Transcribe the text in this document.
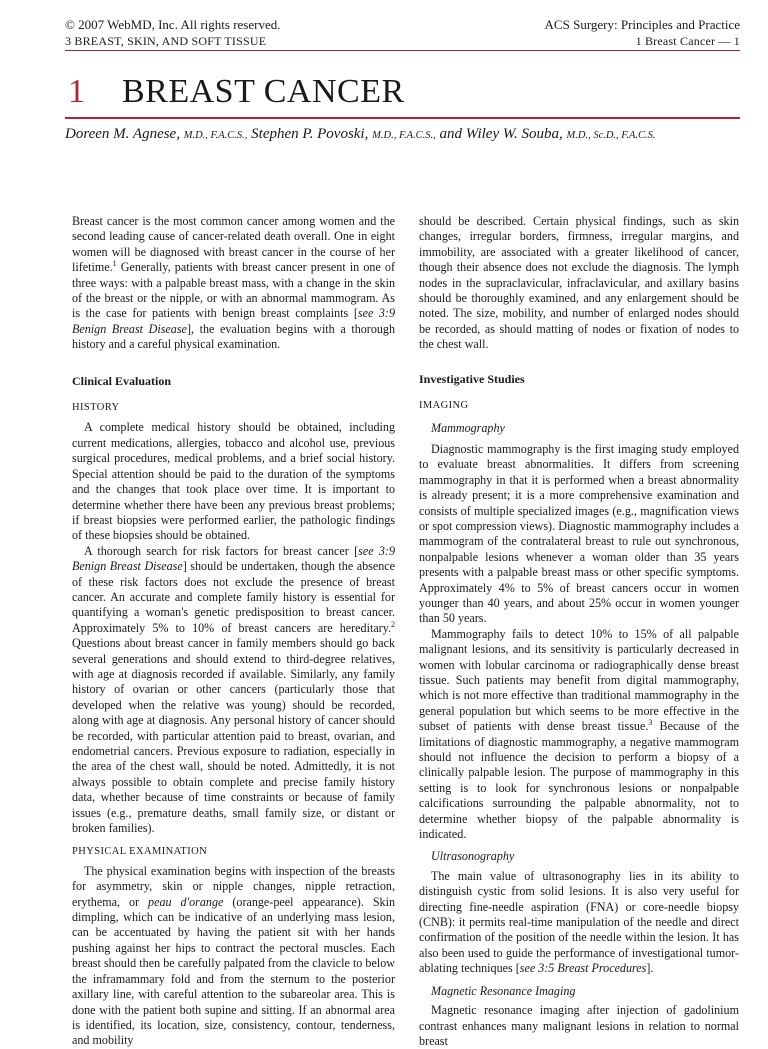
© 2007 WebMD, Inc. All rights reserved.
3 BREAST, SKIN, AND SOFT TISSUE
ACS Surgery: Principles and Practice
1 Breast Cancer — 1
1 BREAST CANCER
Doreen M. Agnese, M.D., F.A.C.S., Stephen P. Povoski, M.D., F.A.C.S., and Wiley W. Souba, M.D., Sc.D., F.A.C.S.

Breast cancer is the most common cancer among women and the second leading cause of cancer-related death overall. One in eight women will be diagnosed with breast cancer in the course of her lifetime.$^1$ Generally, patients with breast cancer present in one of three ways: with a palpable breast mass, with a change in the skin of the breast or the nipple, or with an abnormal mammogram. As is the case for patients with benign breast complaints [see 3:9 Benign Breast Disease], the evaluation begins with a thorough history and a careful physical examination.

Clinical Evaluation

HISTORY

A complete medical history should be obtained, including current medications, allergies, tobacco and alcohol use, previous surgical procedures, medical problems, and a brief social history. Special attention should be paid to the duration of the symptoms and the changes that took place over time. It is important to determine whether there have been any previous breast problems; if breast biopsies were performed earlier, the pathologic findings of these biopsies should be obtained.

A thorough search for risk factors for breast cancer [see 3:9 Benign Breast Disease] should be undertaken, though the absence of these risk factors does not exclude the presence of breast cancer. An accurate and complete family history is essential for quantifying a woman's genetic predisposition to breast cancer. Approximately 5% to 10% of breast cancers are hereditary.$^2$ Questions about breast cancer in family members should go back several generations and should extend to third-degree relatives, with age at diagnosis recorded if available. Similarly, any family history of ovarian or other cancers (particularly those that developed when the relative was young) should be recorded, along with age at diagnosis. Any personal history of cancer should be recorded, with particular attention paid to breast, ovarian, and endometrial cancers. Previous exposure to radiation, especially in the area of the chest wall, should be noted. Admittedly, it is not always possible to obtain complete and precise family history data, whether because of time constraints or because of family issues (e.g., premature deaths, small family size, or distant or broken families).

PHYSICAL EXAMINATION

The physical examination begins with inspection of the breasts for asymmetry, skin or nipple changes, nipple retraction, erythema, or peau d'orange (orange-peel appearance). Skin dimpling, which can be indicative of an underlying mass lesion, can be accentuated by having the patient sit with her hands pushing against her hips to contract the pectoral muscles. Each breast should then be carefully palpated from the clavicle to below the inframammary fold and from the sternum to the posterior axillary line, with careful attention to the subareolar area. This is done with the patient both supine and sitting. If an abnormal area is identified, its location, size, consistency, contour, tenderness, and mobility

should be described. Certain physical findings, such as skin changes, irregular borders, firmness, irregular margins, and immobility, are associated with a greater likelihood of cancer, though their absence does not exclude the diagnosis. The lymph nodes in the supraclavicular, infraclavicular, and axillary basins should be thoroughly examined, and any enlargement should be noted. The size, mobility, and number of enlarged nodes should be recorded, as should matting of nodes or fixation of nodes to the chest wall.

Investigative Studies

IMAGING

Mammography

Diagnostic mammography is the first imaging study employed to evaluate breast abnormalities. It differs from screening mammography in that it is performed when a breast abnormality is already present; it is a more comprehensive examination and consists of multiple specialized images (e.g., magnification views or spot compression views). Diagnostic mammography includes a mammogram of the contralateral breast to rule out synchronous, nonpalpable lesions whenever a woman older than 35 years presents with a palpable breast mass or other specific symptoms. Approximately 4% to 5% of breast cancers occur in women younger than 40 years, and about 25% occur in women younger than 50 years.

Mammography fails to detect 10% to 15% of all palpable malignant lesions, and its sensitivity is particularly decreased in women with lobular carcinoma or radiographically dense breast tissue. Such patients may benefit from digital mammography, which is not more effective than traditional mammography in the general population but which seems to be more effective in the subset of patients with dense breast tissue.$^3$ Because of the limitations of diagnostic mammography, a negative mammogram should not influence the decision to perform a biopsy of a clinically palpable lesion. The purpose of mammography in this setting is to look for synchronous lesions or nonpalpable calcifications surrounding the palpable abnormality, not to determine whether biopsy of the palpable abnormality is indicated.

Ultrasonography

The main value of ultrasonography lies in its ability to distinguish cystic from solid lesions. It is also very useful for directing fine-needle aspiration (FNA) or core-needle biopsy (CNB): it permits real-time manipulation of the needle and direct confirmation of the position of the needle within the lesion. It has also been used to guide the performance of investigational tumor-ablating techniques [see 3:5 Breast Procedures].

Magnetic Resonance Imaging

Magnetic resonance imaging after injection of gadolinium contrast enhances many malignant lesions in relation to normal breast
